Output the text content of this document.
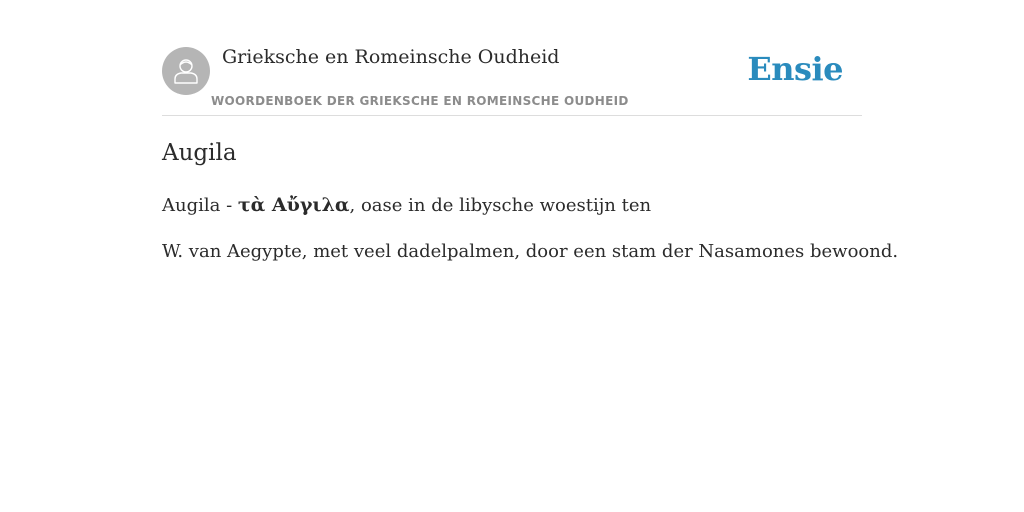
Grieksche en Romeinsche Oudheid
WOORDENBOEK DER GRIEKSCHE EN ROMEINSCHE OUDHEID
Ensie
Augila

Augila - τὰ Αὔγιλα, oase in de libysche woestijn ten

W. van Aegypte, met veel dadelpalmen, door een stam der Nasamones bewoond.
